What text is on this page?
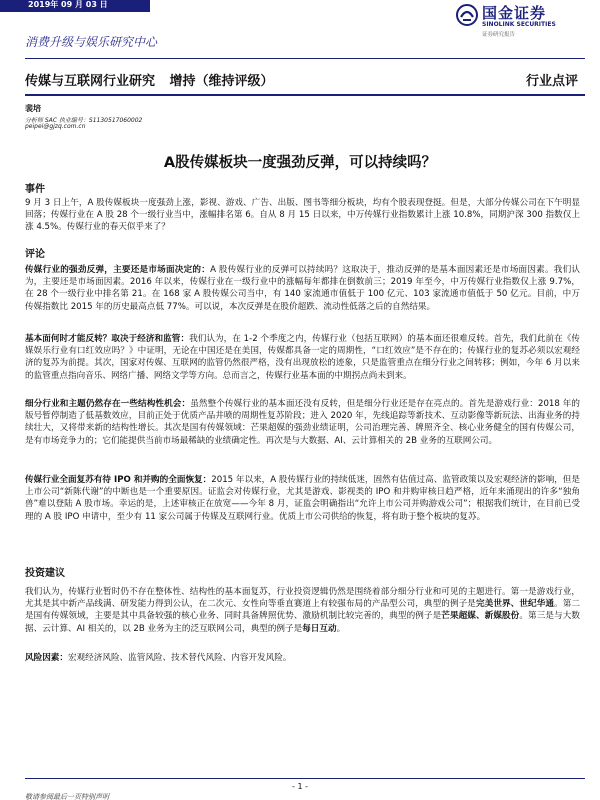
2019年 09 月 03 日	国金证券
SINOLINK SECURITIES
证券研究报告
消费升级与娱乐研究中心
传媒与互联网行业研究 增持（维持评级）	行业点评
裴培
分析师 SAC 执业编号：S1130517060002
peipei@gjzq.com.cn
A股传媒板块一度强劲反弹，可以持续吗？
事件
9 月 3 日上午，A 股传媒板块一度强劲上涨，影视、游戏、广告、出版、图书等细分板块，均有个股表现登挺。但是，大部分传媒公司在下午明显回落；传媒行业在 A 股 28 个一级行业当中，涨幅排名第 6。自从 8 月 15 日以来，中万传媒行业指数累计上涨 10.8%，同期沪深 300 指数仅上涨 4.5%。传媒行业的春天似乎来了？
评论
传媒行业的强劲反弹，主要还是市场面决定的：A 股传媒行业的反弹可以持续吗？这取决于，推动反弹的是基本面因素还是市场面因素。我们认为，主要还是市场面因素。2016 年以来，传媒行业在一级行业中的涨幅每年都排在倒数前三；2019 年至今，中万传媒行业指数仅上涨 9.7%，在 28 个一级行业中排名第 21。在 168 家 A 股传媒公司当中，有 140 家流通市值低于 100 亿元、103 家流通市值低于 50 亿元。目前，中万传媒指数比 2015 年的历史最高点低 77%。可以说，本次反弹是在股价超跌、流动性低落之后的自然结果。
基本面何时才能反转？取决于经济和监管：我们认为，在 1-2 个季度之内，传媒行业（包括互联网）的基本面还很难反转。首先，我们此前在《传媒娱乐行业有口红效应吗？》中证明，无论在中国还是在美国，传媒都具备一定的周期性，“口红效应”是不存在的；传媒行业的复苏必须以宏观经济的复苏为前提。其次，国家对传媒、互联网的监管仍然很严格，没有出现放松的迹象，只是监管重点在细分行业之间转移；例如，今年 6 月以来的监管重点指向音乐、网络广播、网络文学等方向。总而言之，传媒行业基本面的中期拐点尚未到来。
细分行业和主题仍然存在一些结构性机会：虽然整个传媒行业的基本面还没有反转，但是细分行业还是存在亮点的。首先是游戏行业：2018 年的版号暂停制造了低基数效应，目前正处于优质产品井喷的周期性复苏阶段；进入 2020 年，先线追踪等新技术、互动影像等新玩法、出海业务的持续壮大，又将带来新的结构性增长。其次是国有传媒领域：芒果超媒的强劲业绩证明，公司治理完善、牌照齐全、核心业务健全的国有传媒公司，是有市场竞争力的；它们能提供当前市场最稀缺的业绩确定性。再次是与大数据、AI、云计算相关的 2B 业务的互联网公司。
传媒行业全面复苏有待 IPO 和并购的全面恢复：2015 年以来，A 股传媒行业的持续低迷，固然有估值过高、监管政策以及宏观经济的影响，但是上市公司“新陈代谢”的中断也是一个重要原因。证监会对传媒行业，尤其是游戏、影视类的 IPO 和并购审核日趋严格，近年来涌现出的许多“独角兽”难以登陆 A 股市场。幸运的是，上述审核正在放宽——今年 8 月，证监会明确指出“允许上市公司并购游戏公司”；根据我们统计，在目前已受理的 A 股 IPO 申请中，至少有 11 家公司属于传媒及互联网行业。优质上市公司供给的恢复，将有助于整个板块的复苏。
投资建议
我们认为，传媒行业暂时仍不存在整体性、结构性的基本面复苏，行业投资逻辑仍然是围绕着部分细分行业和可见的主题进行。第一是游戏行业，尤其是其中新产品线满、研发能力得到公认，在二次元、女性向等垂直赛道上有较强布局的产品型公司，典型的例子是完美世界、世纪华通。第二是国有传媒领域，主要是其中具备较强的核心业务、同时具备牌照优势、激励机制比较完善的，典型的例子是芒果超媒、新媒股份。第三是与大数据、云计算、AI 相关的，以 2B 业务为主的泛互联网公司，典型的例子是每日互动。
风险因素：宏观经济风险、监管风险、技术替代风险、内容开发风险。
- 1 -
敬请参阅最后一页特别声明
